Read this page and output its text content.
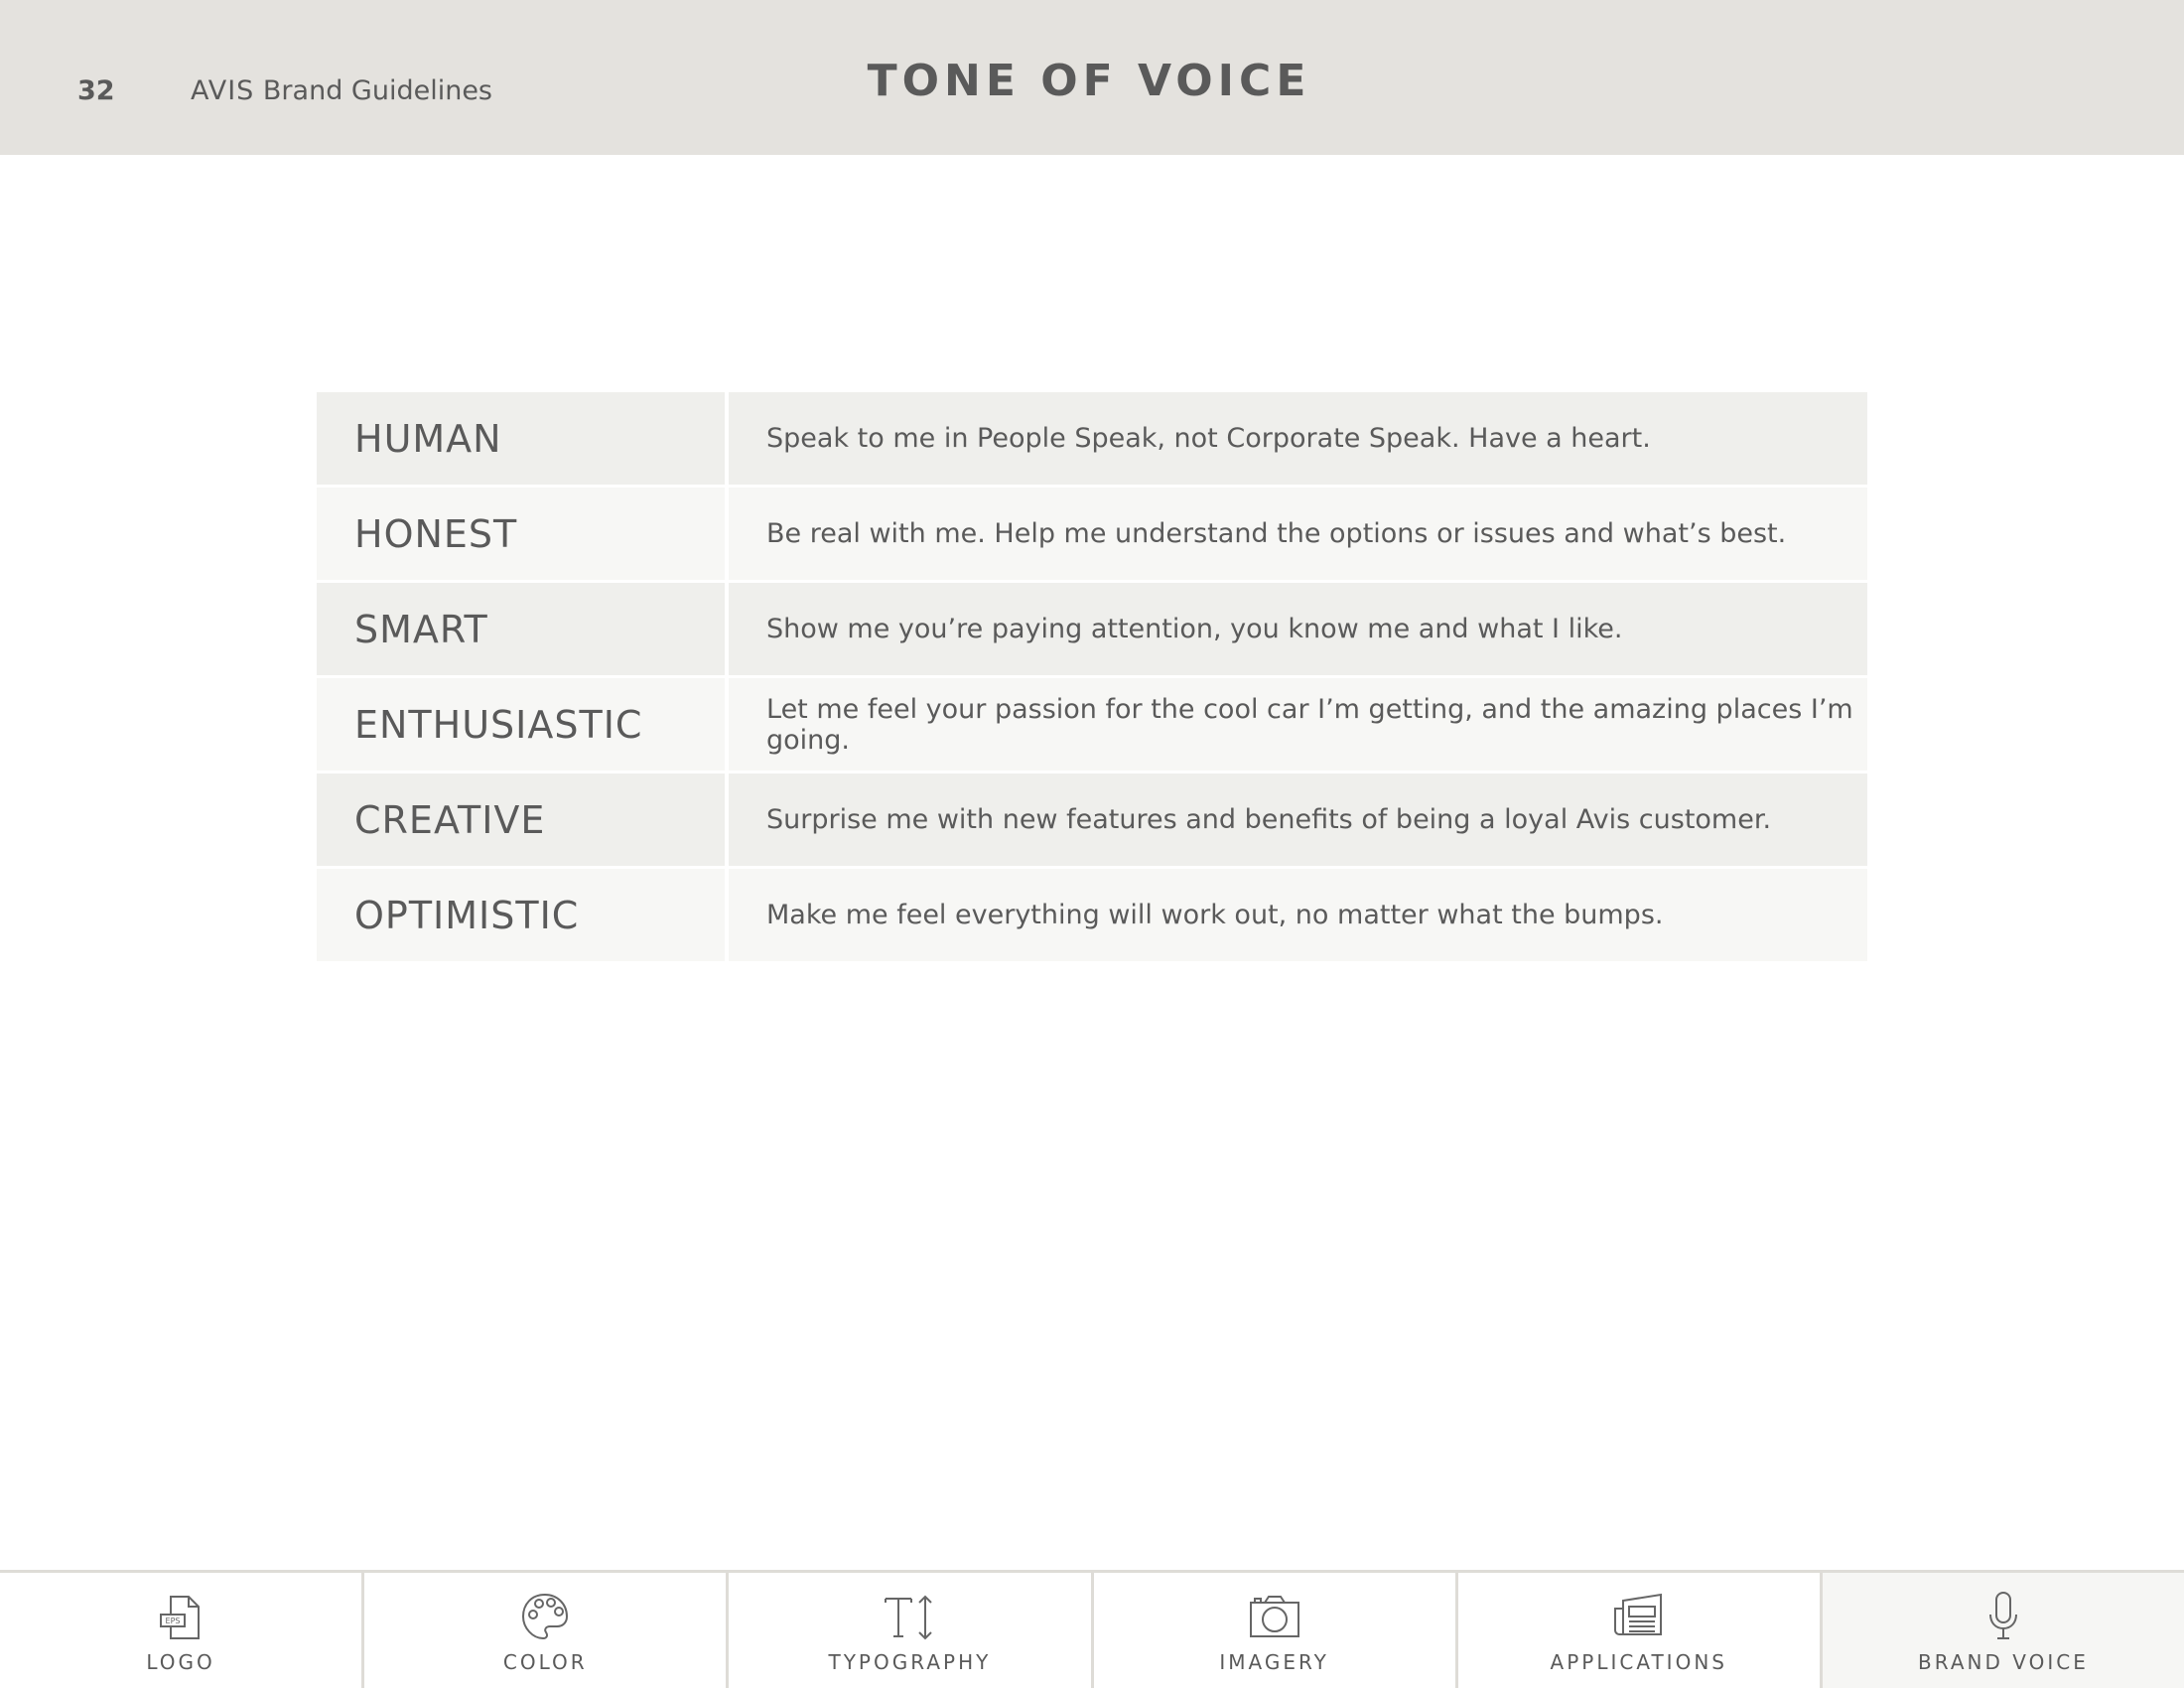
32	AVIS Brand Guidelines	TONE OF VOICE
HUMAN	Speak to me in People Speak, not Corporate Speak. Have a heart.
HONEST	Be real with me. Help me understand the options or issues and what’s best.
SMART	Show me you’re paying attention, you know me and what I like.
ENTHUSIASTIC	Let me feel your passion for the cool car I’m getting, and the amazing places I’m going.
CREATIVE	Surprise me with new features and benefits of being a loyal Avis customer.
OPTIMISTIC	Make me feel everything will work out, no matter what the bumps.
EPS
LOGO	COLOR	TYPOGRAPHY	IMAGERY	APPLICATIONS	BRAND VOICE
